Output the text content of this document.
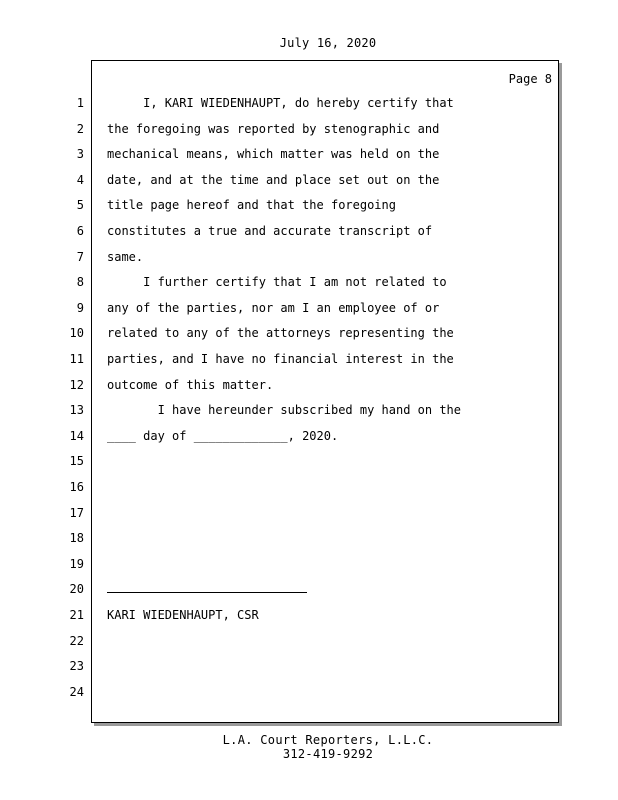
July 16, 2020
Page 8
1 I, KARI WIEDENHAUPT, do hereby certify that
2 the foregoing was reported by stenographic and
3 mechanical means, which matter was held on the
4 date, and at the time and place set out on the
5 title page hereof and that the foregoing
6 constitutes a true and accurate transcript of
7 same.
8 I further certify that I am not related to
9 any of the parties, nor am I an employee of or
10 related to any of the attorneys representing the
11 parties, and I have no financial interest in the
12 outcome of this matter.
13 I have hereunder subscribed my hand on the
14 ____ day of _____________, 2020.
15
16
17
18
19
20
21 KARI WIEDENHAUPT, CSR
22
23
24
L.A. Court Reporters, L.L.C.
312-419-9292
